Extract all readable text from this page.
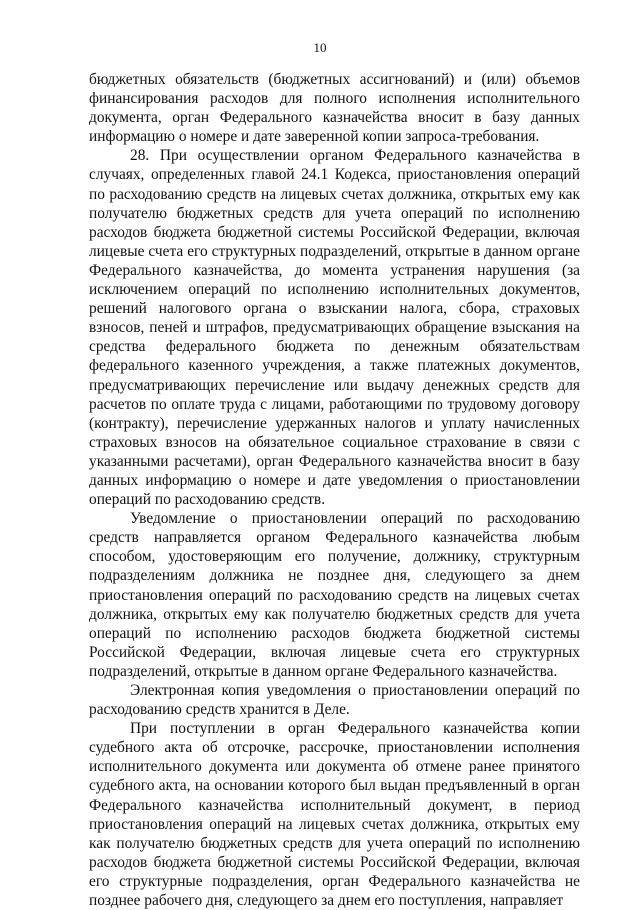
10

бюджетных обязательств (бюджетных ассигнований) и (или) объемов финансирования расходов для полного исполнения исполнительного документа, орган Федерального казначейства вносит в базу данных информацию о номере и дате заверенной копии запроса-требования.

28. При осуществлении органом Федерального казначейства в случаях, определенных главой 24.1 Кодекса, приостановления операций по расходованию средств на лицевых счетах должника, открытых ему как получателю бюджетных средств для учета операций по исполнению расходов бюджета бюджетной системы Российской Федерации, включая лицевые счета его структурных подразделений, открытые в данном органе Федерального казначейства, до момента устранения нарушения (за исключением операций по исполнению исполнительных документов, решений налогового органа о взыскании налога, сбора, страховых взносов, пеней и штрафов, предусматривающих обращение взыскания на средства федерального бюджета по денежным обязательствам федерального казенного учреждения, а также платежных документов, предусматривающих перечисление или выдачу денежных средств для расчетов по оплате труда с лицами, работающими по трудовому договору (контракту), перечисление удержанных налогов и уплату начисленных страховых взносов на обязательное социальное страхование в связи с указанными расчетами), орган Федерального казначейства вносит в базу данных информацию о номере и дате уведомления о приостановлении операций по расходованию средств.

Уведомление о приостановлении операций по расходованию средств направляется органом Федерального казначейства любым способом, удостоверяющим его получение, должнику, структурным подразделениям должника не позднее дня, следующего за днем приостановления операций по расходованию средств на лицевых счетах должника, открытых ему как получателю бюджетных средств для учета операций по исполнению расходов бюджета бюджетной системы Российской Федерации, включая лицевые счета его структурных подразделений, открытые в данном органе Федерального казначейства.

Электронная копия уведомления о приостановлении операций по расходованию средств хранится в Деле.

При поступлении в орган Федерального казначейства копии судебного акта об отсрочке, рассрочке, приостановлении исполнения исполнительного документа или документа об отмене ранее принятого судебного акта, на основании которого был выдан предъявленный в орган Федерального казначейства исполнительный документ, в период приостановления операций на лицевых счетах должника, открытых ему как получателю бюджетных средств для учета операций по исполнению расходов бюджета бюджетной системы Российской Федерации, включая его структурные подразделения, орган Федерального казначейства не позднее рабочего дня, следующего за днем его поступления, направляет
